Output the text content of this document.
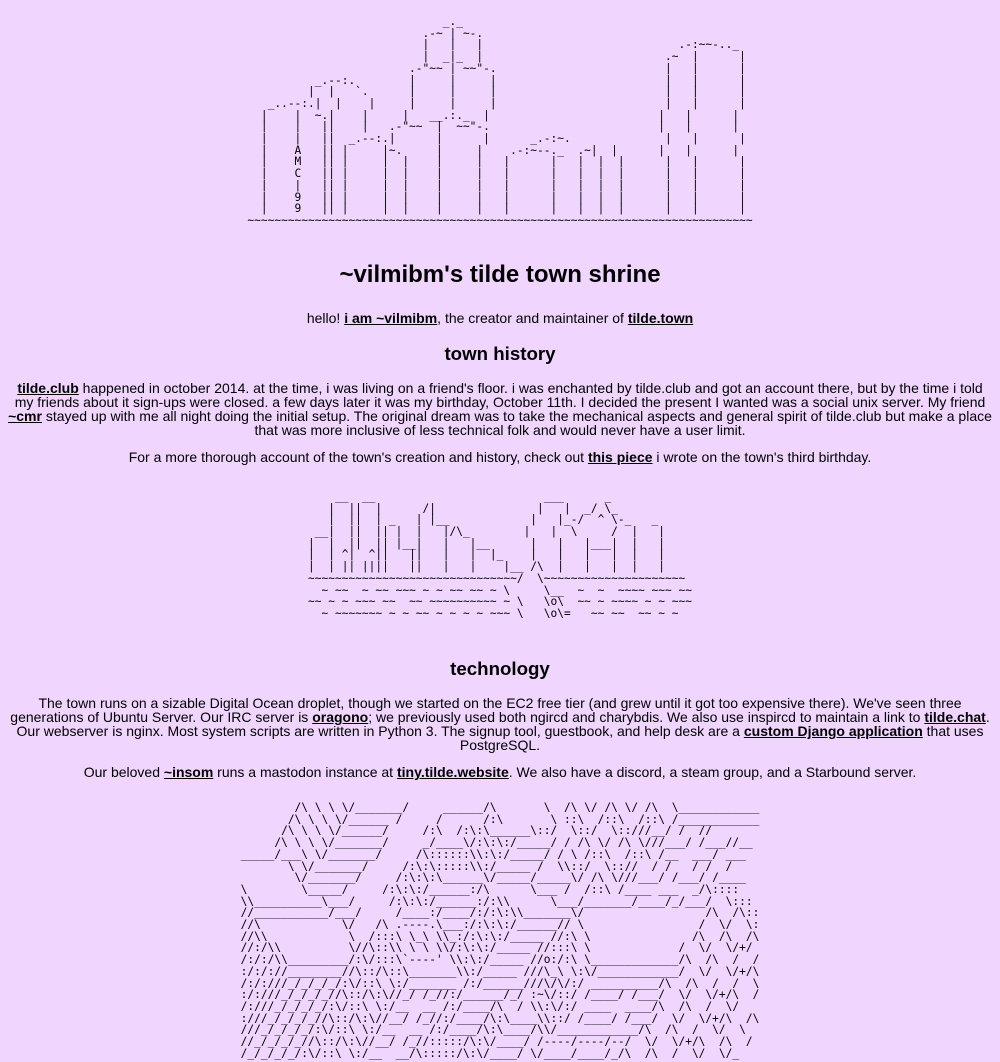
_._
.-~ | ~-.
|   |   |                             .-:~~-.._
|  _|_  |                           .~  |      |
.-"~~ | ~~"-.                         |   |      |
_.--:.        |     |     |                         |   |      |
|  |   `.      |     |     |                         |   |      |
_..--:.|  |    |     |     |     |                         |   |      |
|    |  ~.|    |     |   __.:._  |                         |   |      |
|    |   ||    |   .-"~~  |  ~~"-.                         |   |      |
|    |   ||  _.--:.|      |      |      _.-:~.              |   |      |
|    A   || |     |~.     |     |    .-:~--._  .~|  |      |   |      |
|    M   || |     |  |    |     |   |      |   |  |  |      |   |      |
|    C   || |     |  |    |     |   |      |   |  |  |      |   |      |
|    |   || |     |  |    |     |   |      |   |  |  |      |   |      |
|    9   || |     |  |    |     |   |      |   |  |  |      |   |      |
|    9   || |     |  |    |     |   |      |   |  |  |      |   |      |
~~~~~~~~~~~~~~~~~~~~~~~~~~~~~~~~~~~~~~~~~~~~~~~~~~~~~~~~~~~~~~~~~~~~~~~~~~~
~vilmibm's tilde town shrine

hello! i am ~vilmibm, the creator and maintainer of tilde.town

town history

tilde.club happened in october 2014. at the time, i was living on a friend's floor. i was enchanted by tilde.club and got an account there, but by the time i told my friends about it sign-ups were closed. a few days later it was my birthday, October 11th. I decided the present I wanted was a social unix server. My friend ~cmr stayed up with me all night doing the initial setup. The original dream was to take the mechanical aspects and general spirit of tilde.club but make a place that was more inclusive of less technical folk and would never have a user limit.

For a more thorough account of the town's creation and history, check out this piece i wrote on the town's third birthday.

__  __                         ___      _
|  ||  |      /|               |   |  _/ \_
|  ||  | _   | |__            |   |_-/  ^ \-_   _
__|  ||  || |  |   |/\_        |   |  \     /  |   |
|  |  ||  || |__|   |   |__      |   |   |___|  |   |
|  | ^|  ^||   ||   |   |  |_    |   |   |   |  |   |
|  | || ||||   ||   |   |    |__ /\  |   |   |  |   |
~~~~~~~~~~~~~~~~~~~~~~~~~~~~~~~/  \~~~~~~~~~~~~~~~~~~~~~
~ ~~  ~ ~~ ~~~ ~ ~ ~~ ~~ ~ \     \__  ~  ~  ~~~~ ~~~ ~~
~~ ~ ~ ~~~ ~~  ~~ ~~~~~~~~~~ ~ \   \o\  ~~ ~ ~~~~ ~ ~ ~~~
~ ~~~~~~~ ~ ~ ~~ ~ ~ ~ ~ ~~~ \   \o\=   ~~ ~~  ~~ ~ ~
technology

The town runs on a sizable Digital Ocean droplet, though we started on the EC2 free tier (and grew until it got too expensive there). We've seen three generations of Ubuntu Server. Our IRC server is oragono; we previously used both ngircd and charybdis. We also use inspircd to maintain a link to tilde.chat. Our webserver is nginx. Most system scripts are written in Python 3. The signup tool, guestbook, and help desk are a custom Django application that uses PostgreSQL.

Our beloved ~insom runs a mastodon instance at tiny.tilde.website. We also have a discord, a steam group, and a Starbound server.

/\ \ \ \/_______/     ______/\       \  /\ \/ /\ \/ /\  \____________
/\ \ \ \/______ /     /      /:\       \ ::\  /::\  /::\ /____________
/\ \ \ \/______/     /:\  /:\:\______\::/  \::/  \::///__/ /  //
/\ \ \ \/_______/     _/____\/:\:\:/_____/ / /\ \/ /\ \///___/ /___//__
_____/___\ \/_______/     /\::::::\\:\:/_____/ / \ /::\  /::\ /__  ___/ ___
\ \/_______/     /:\:\:::::\\:/_____ /  \\::/  \:://  / /   / /  /
\/_______/     /:\:\:\______\/_____/_____\/ /\ \///___/ /___/ /____
\        \_____/     /:\:\:/______:/\      \___ /  /::\ /____ ___  _/\::::
\\__________\___/     /:\:\:/______:/:\\      \___/_______/____/_/___/  \:::
//___________/___/     /____:/____/:/:\:\\_______\/                  /\  /\::
//\            \/   /\ .----.\___:/:\:\:/______// \                 /  \/  \:
//\\            \  /:::\ \_\ \\_:/:\:\:/_____ //:\ \               /\  /\  /\
//:/\\          \//\::\\ \ \ \\/:\:\:/_____ //:::\ \             /  \/  \/+/
/:/:/\\_________/:\/:::\`----' \\:\:/_____ //o:/:\ \_____________/\  /\  /  /
:/:/://________//\::/\::\_______\\:/_____ ///\_\ \:\/____________/  \/  \/+/\
/:/:///_/_/_/_/:\/::\ \:/_______ /:/______///\/\/:/ __________/\  /\  /  /  \
:/:///_/_/_/_//\::/\:\//_/ /_//:/______/_/ :~\/::/ /____/ /___/  \/  \/+/\  /
/:///_/_/_/_/:\/::\ \:/__  __ /:/____/\  / \\:\/:/ ____  ____/\  /\  /  \/
:///_/_/_/_//\::/\:\//__/ /_//:/____/\:\____\\::/ /____/ /___/  \/  \/+/\  /\
///_/_/_/_/:\/::\ \:/__  __ /:/____/\:\____/\\/____________/\  /\  /  \/  \
//_/_/_/_//\::/\:\//__/ /_//:::::/\:\/____/ /----/----/--/  \/  \/+/\  /\  /
/_/_/_/_/:\/::\ \:/__  __/\:::::/\:\/____/ \/____/____/_/\  /\  /  \/  \/_
